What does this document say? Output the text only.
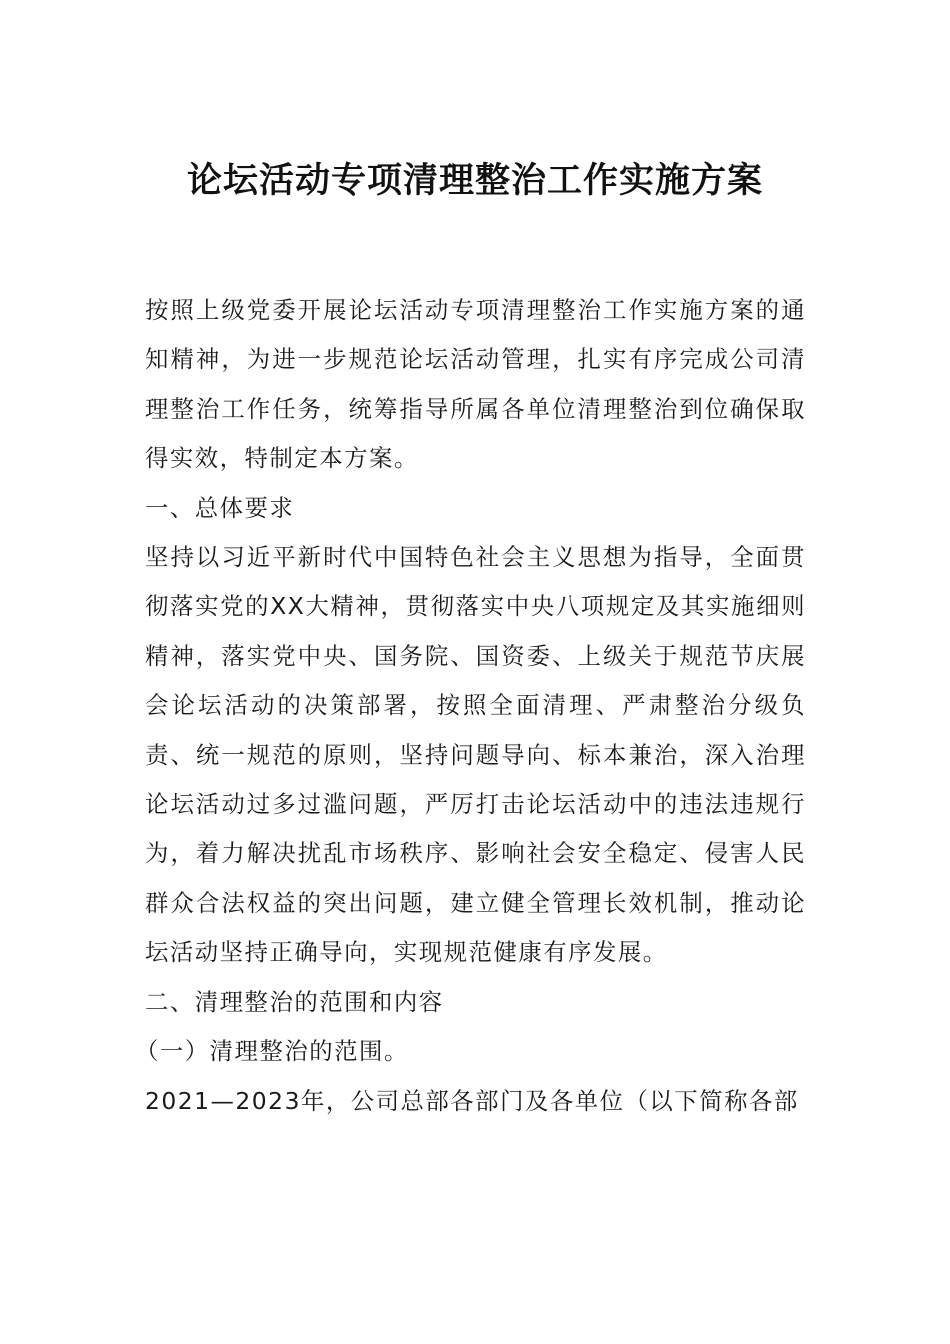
论坛活动专项清理整治工作实施方案

按照上级党委开展论坛活动专项清理整治工作实施方案的通知精神，为进一步规范论坛活动管理，扎实有序完成公司清理整治工作任务，统筹指导所属各单位清理整治到位确保取得实效，特制定本方案。

一、总体要求

坚持以习近平新时代中国特色社会主义思想为指导，全面贯彻落实党的XX大精神，贯彻落实中央八项规定及其实施细则精神，落实党中央、国务院、国资委、上级关于规范节庆展会论坛活动的决策部署，按照全面清理、严肃整治分级负责、统一规范的原则，坚持问题导向、标本兼治，深入治理论坛活动过多过滥问题，严厉打击论坛活动中的违法违规行为，着力解决扰乱市场秩序、影响社会安全稳定、侵害人民群众合法权益的突出问题，建立健全管理长效机制，推动论坛活动坚持正确导向，实现规范健康有序发展。

二、清理整治的范围和内容

（一）清理整治的范围。

2021—2023年，公司总部各部门及各单位（以下简称各部
